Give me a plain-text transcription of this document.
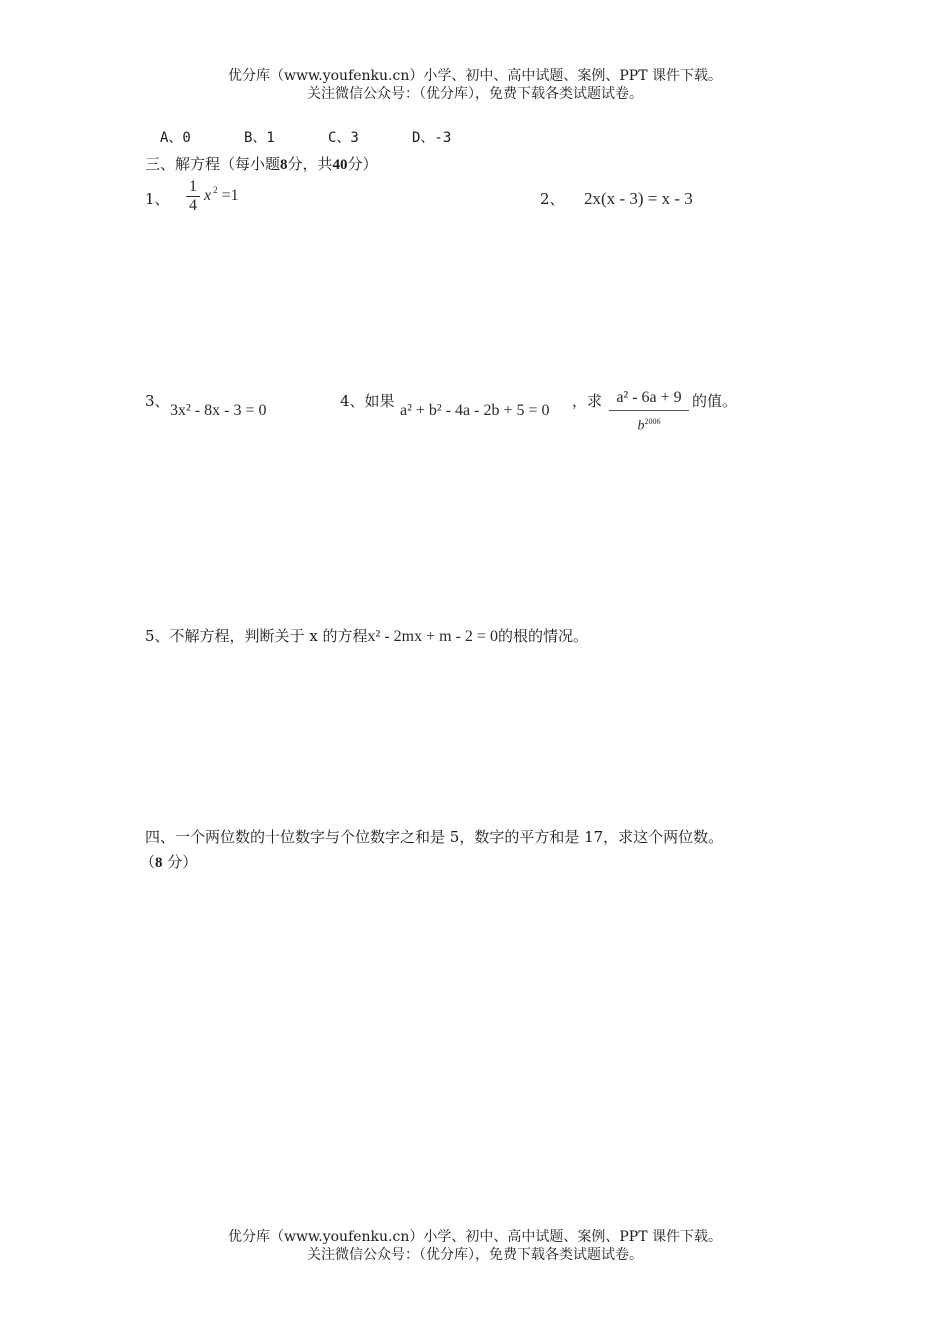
优分库（www.youfenku.cn）小学、初中、高中试题、案例、PPT 课件下载。
关注微信公众号：（优分库），免费下载各类试题试卷。
A、0	B、1	C、3	D、-3
三、解方程（每小题8分，共40分）
1、 $\frac{1}{4}$ x $^2$ =1	2、 2x(x - 3) = x - 3
3、
3x² - 8x - 3 = 0
4、如果
a² + b² - 4a - 2b + 5 = 0
，求 a² - 6a + 9
$b^{2006}$
的值。
5、不解方程，判断关于 x 的方程x² - 2mx + m - 2 = 0的根的情况。
四、一个两位数的十位数字与个位数字之和是 5，数字的平方和是 17，求这个两位数。
（8 分）
优分库（www.youfenku.cn）小学、初中、高中试题、案例、PPT 课件下载。
关注微信公众号：（优分库），免费下载各类试题试卷。
